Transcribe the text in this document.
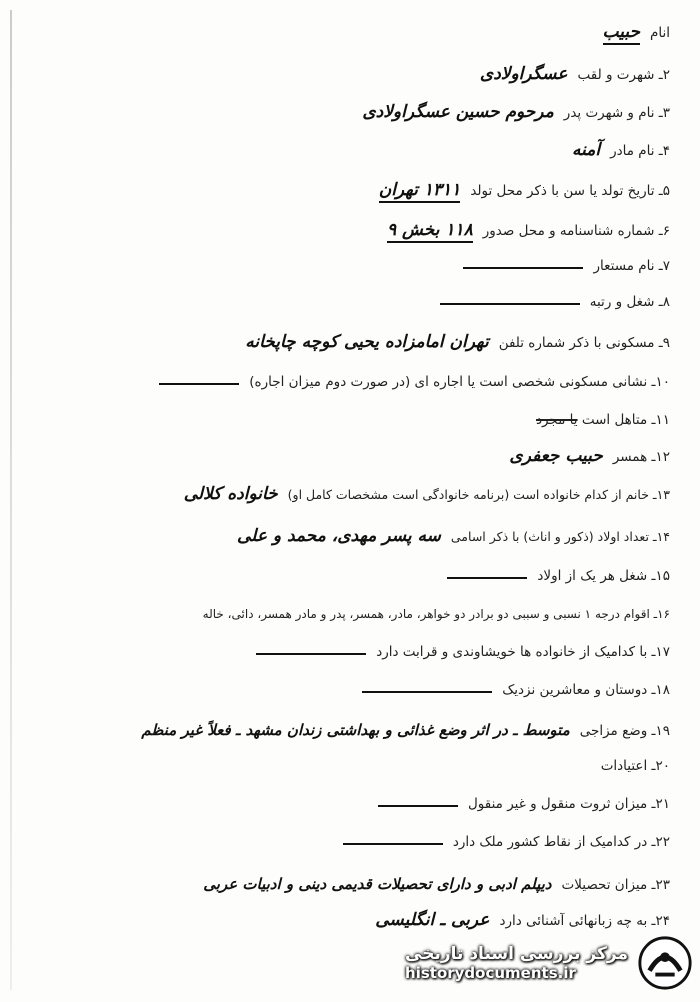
انام
حبیب
۲ـ شهرت و لقب
عسگراولادی
۳ـ نام و شهرت پدر
مرحوم حسین عسگراولادی
۴ـ نام مادر
آمنه
۵ـ تاریخ تولد یا سن با ذکر محل تولد
۱۳۱۱ تهران
۶ـ شماره شناسنامه و محل صدور
۱۱۸ بخش ۹
۷ـ نام مستعار
۸ـ شغل و رتبه
۹ـ مسکونی با ذکر شماره تلفن
تهران امامزاده یحیی کوچه چاپخانه
۱۰ـ نشانی مسکونی شخصی است یا اجاره ای (در صورت دوم میزان اجاره)
۱۱ـ متاهل است یا مجرد
۱۲ـ همسر
حبیب جعفری
۱۳ـ خانم از کدام خانواده است (برنامه خانوادگی است مشخصات کامل او)
خانواده کلالی
۱۴ـ تعداد اولاد (ذکور و اناث) با ذکر اسامی
سه پسر مهدی، محمد و علی
۱۵ـ شغل هر یک از اولاد
۱۶ـ اقوام درجه ۱ نسبی و سببی دو برادر دو خواهر، مادر، همسر، پدر و مادر همسر، دائی، خاله
۱۷ـ با کدامیک از خانواده ها خویشاوندی و قرابت دارد
۱۸ـ دوستان و معاشرین نزدیک
۱۹ـ وضع مزاجی
متوسط ـ در اثر وضع غذائی و بهداشتی زندان مشهد ـ فعلاً غیر منظم
۲۰ـ اعتیادات
۲۱ـ میزان ثروت منقول و غیر منقول
۲۲ـ در کدامیک از نقاط کشور ملک دارد
۲۳ـ میزان تحصیلات
دیپلم ادبی و دارای تحصیلات قدیمی دینی و ادبیات عربی
۲۴ـ به چه زبانهائی آشنائی دارد
عربی ـ انگلیسی
مرکز بررسی اسناد تاریخی
historydocuments.ir
